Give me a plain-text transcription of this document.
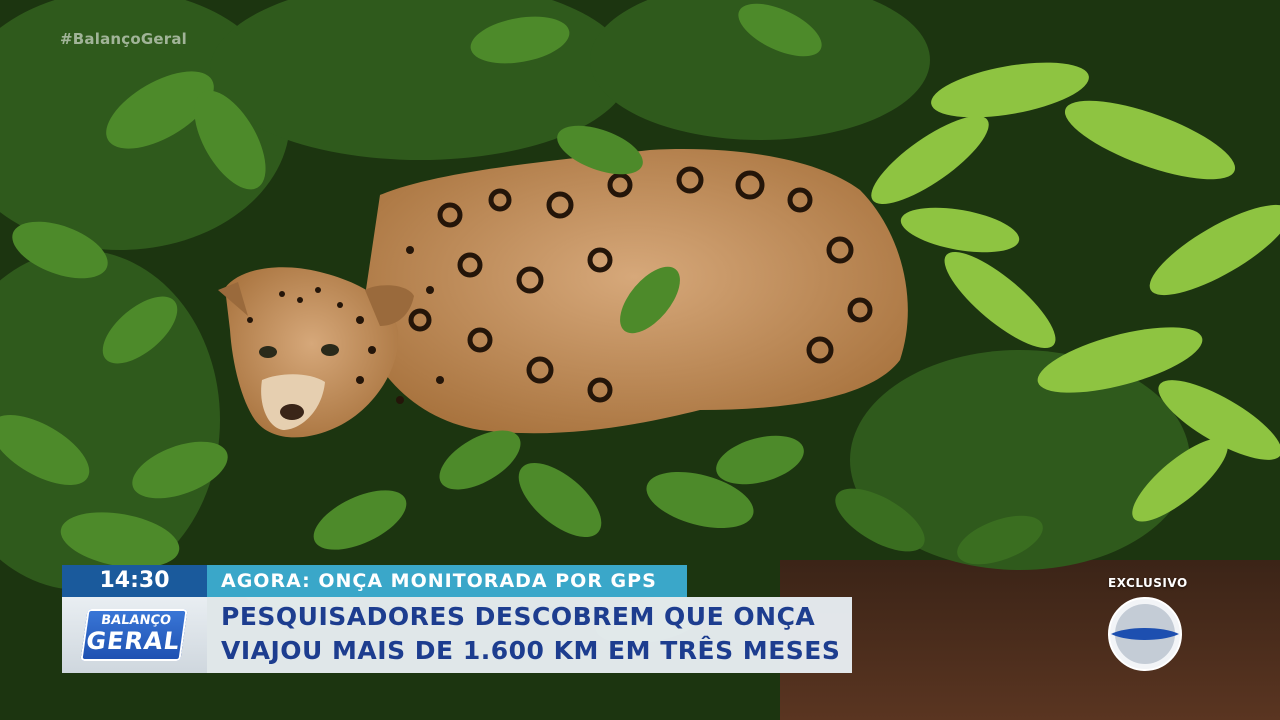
#BalançoGeral
14:30	AGORA: ONÇA MONITORADA POR GPS
BALANÇO
GERAL
PESQUISADORES DESCOBREM QUE ONÇA
VIAJOU MAIS DE 1.600 KM EM TRÊS MESES
EXCLUSIVO
